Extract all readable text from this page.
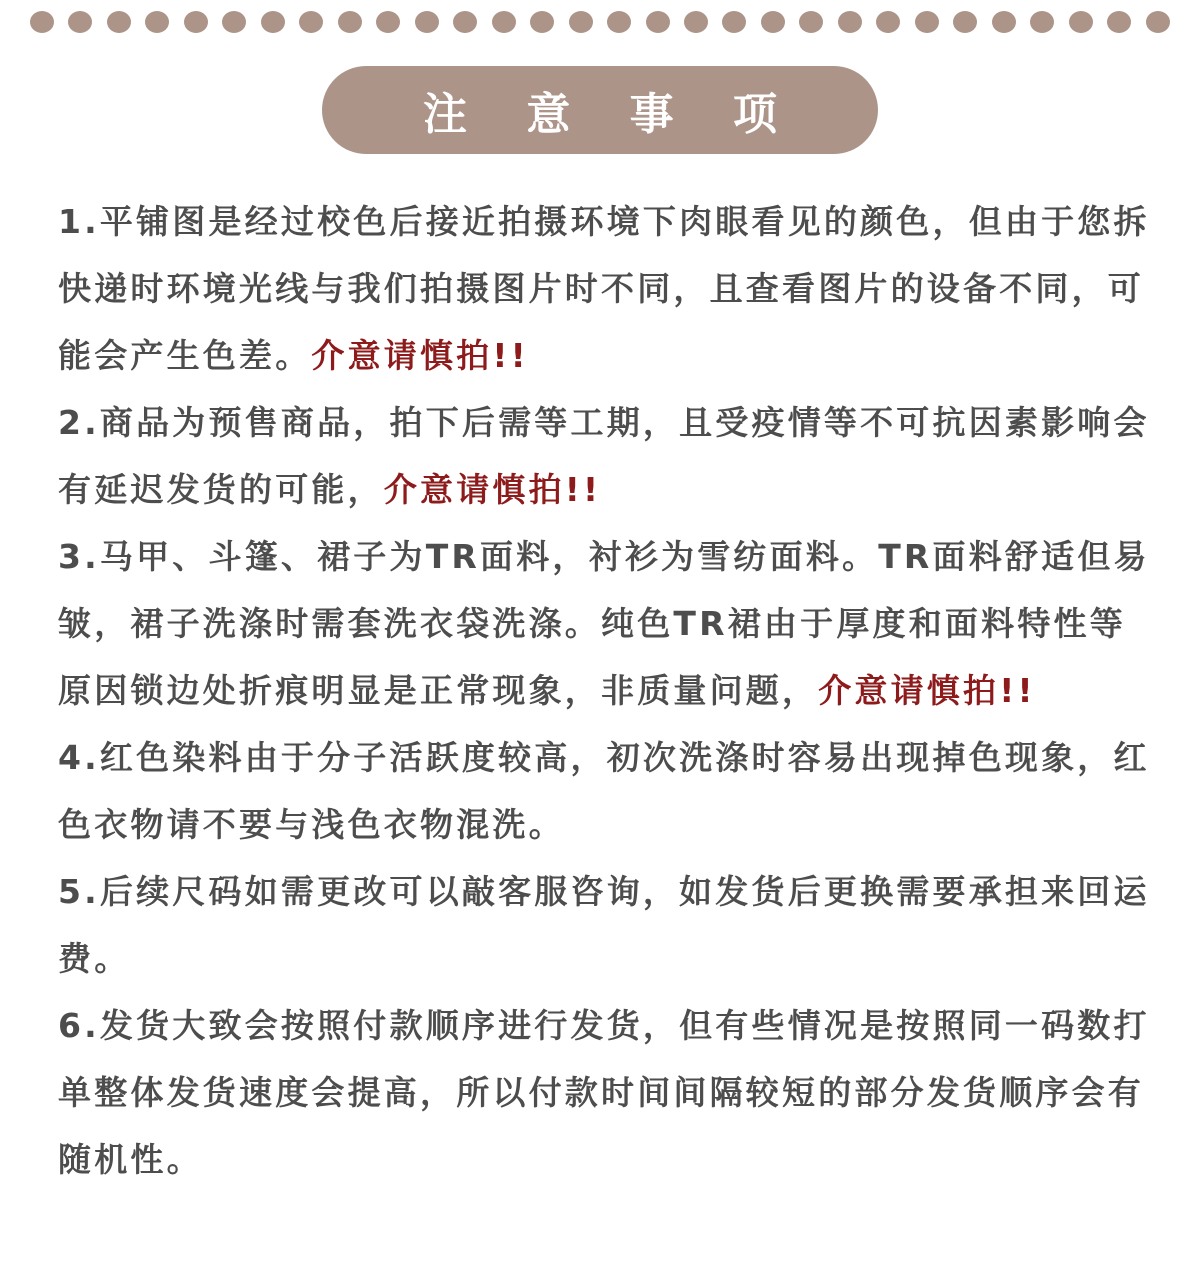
注 意 事 项

1.平铺图是经过校色后接近拍摄环境下肉眼看见的颜色，但由于您拆快递时环境光线与我们拍摄图片时不同，且查看图片的设备不同，可能会产生色差。介意请慎拍!!

2.商品为预售商品，拍下后需等工期，且受疫情等不可抗因素影响会有延迟发货的可能，介意请慎拍!!

3.马甲、斗篷、裙子为TR面料，衬衫为雪纺面料。TR面料舒适但易皱，裙子洗涤时需套洗衣袋洗涤。纯色TR裙由于厚度和面料特性等原因锁边处折痕明显是正常现象，非质量问题，介意请慎拍!!

4.红色染料由于分子活跃度较高，初次洗涤时容易出现掉色现象，红色衣物请不要与浅色衣物混洗。

5.后续尺码如需更改可以敲客服咨询，如发货后更换需要承担来回运费。

6.发货大致会按照付款顺序进行发货，但有些情况是按照同一码数打单整体发货速度会提高，所以付款时间间隔较短的部分发货顺序会有随机性。
